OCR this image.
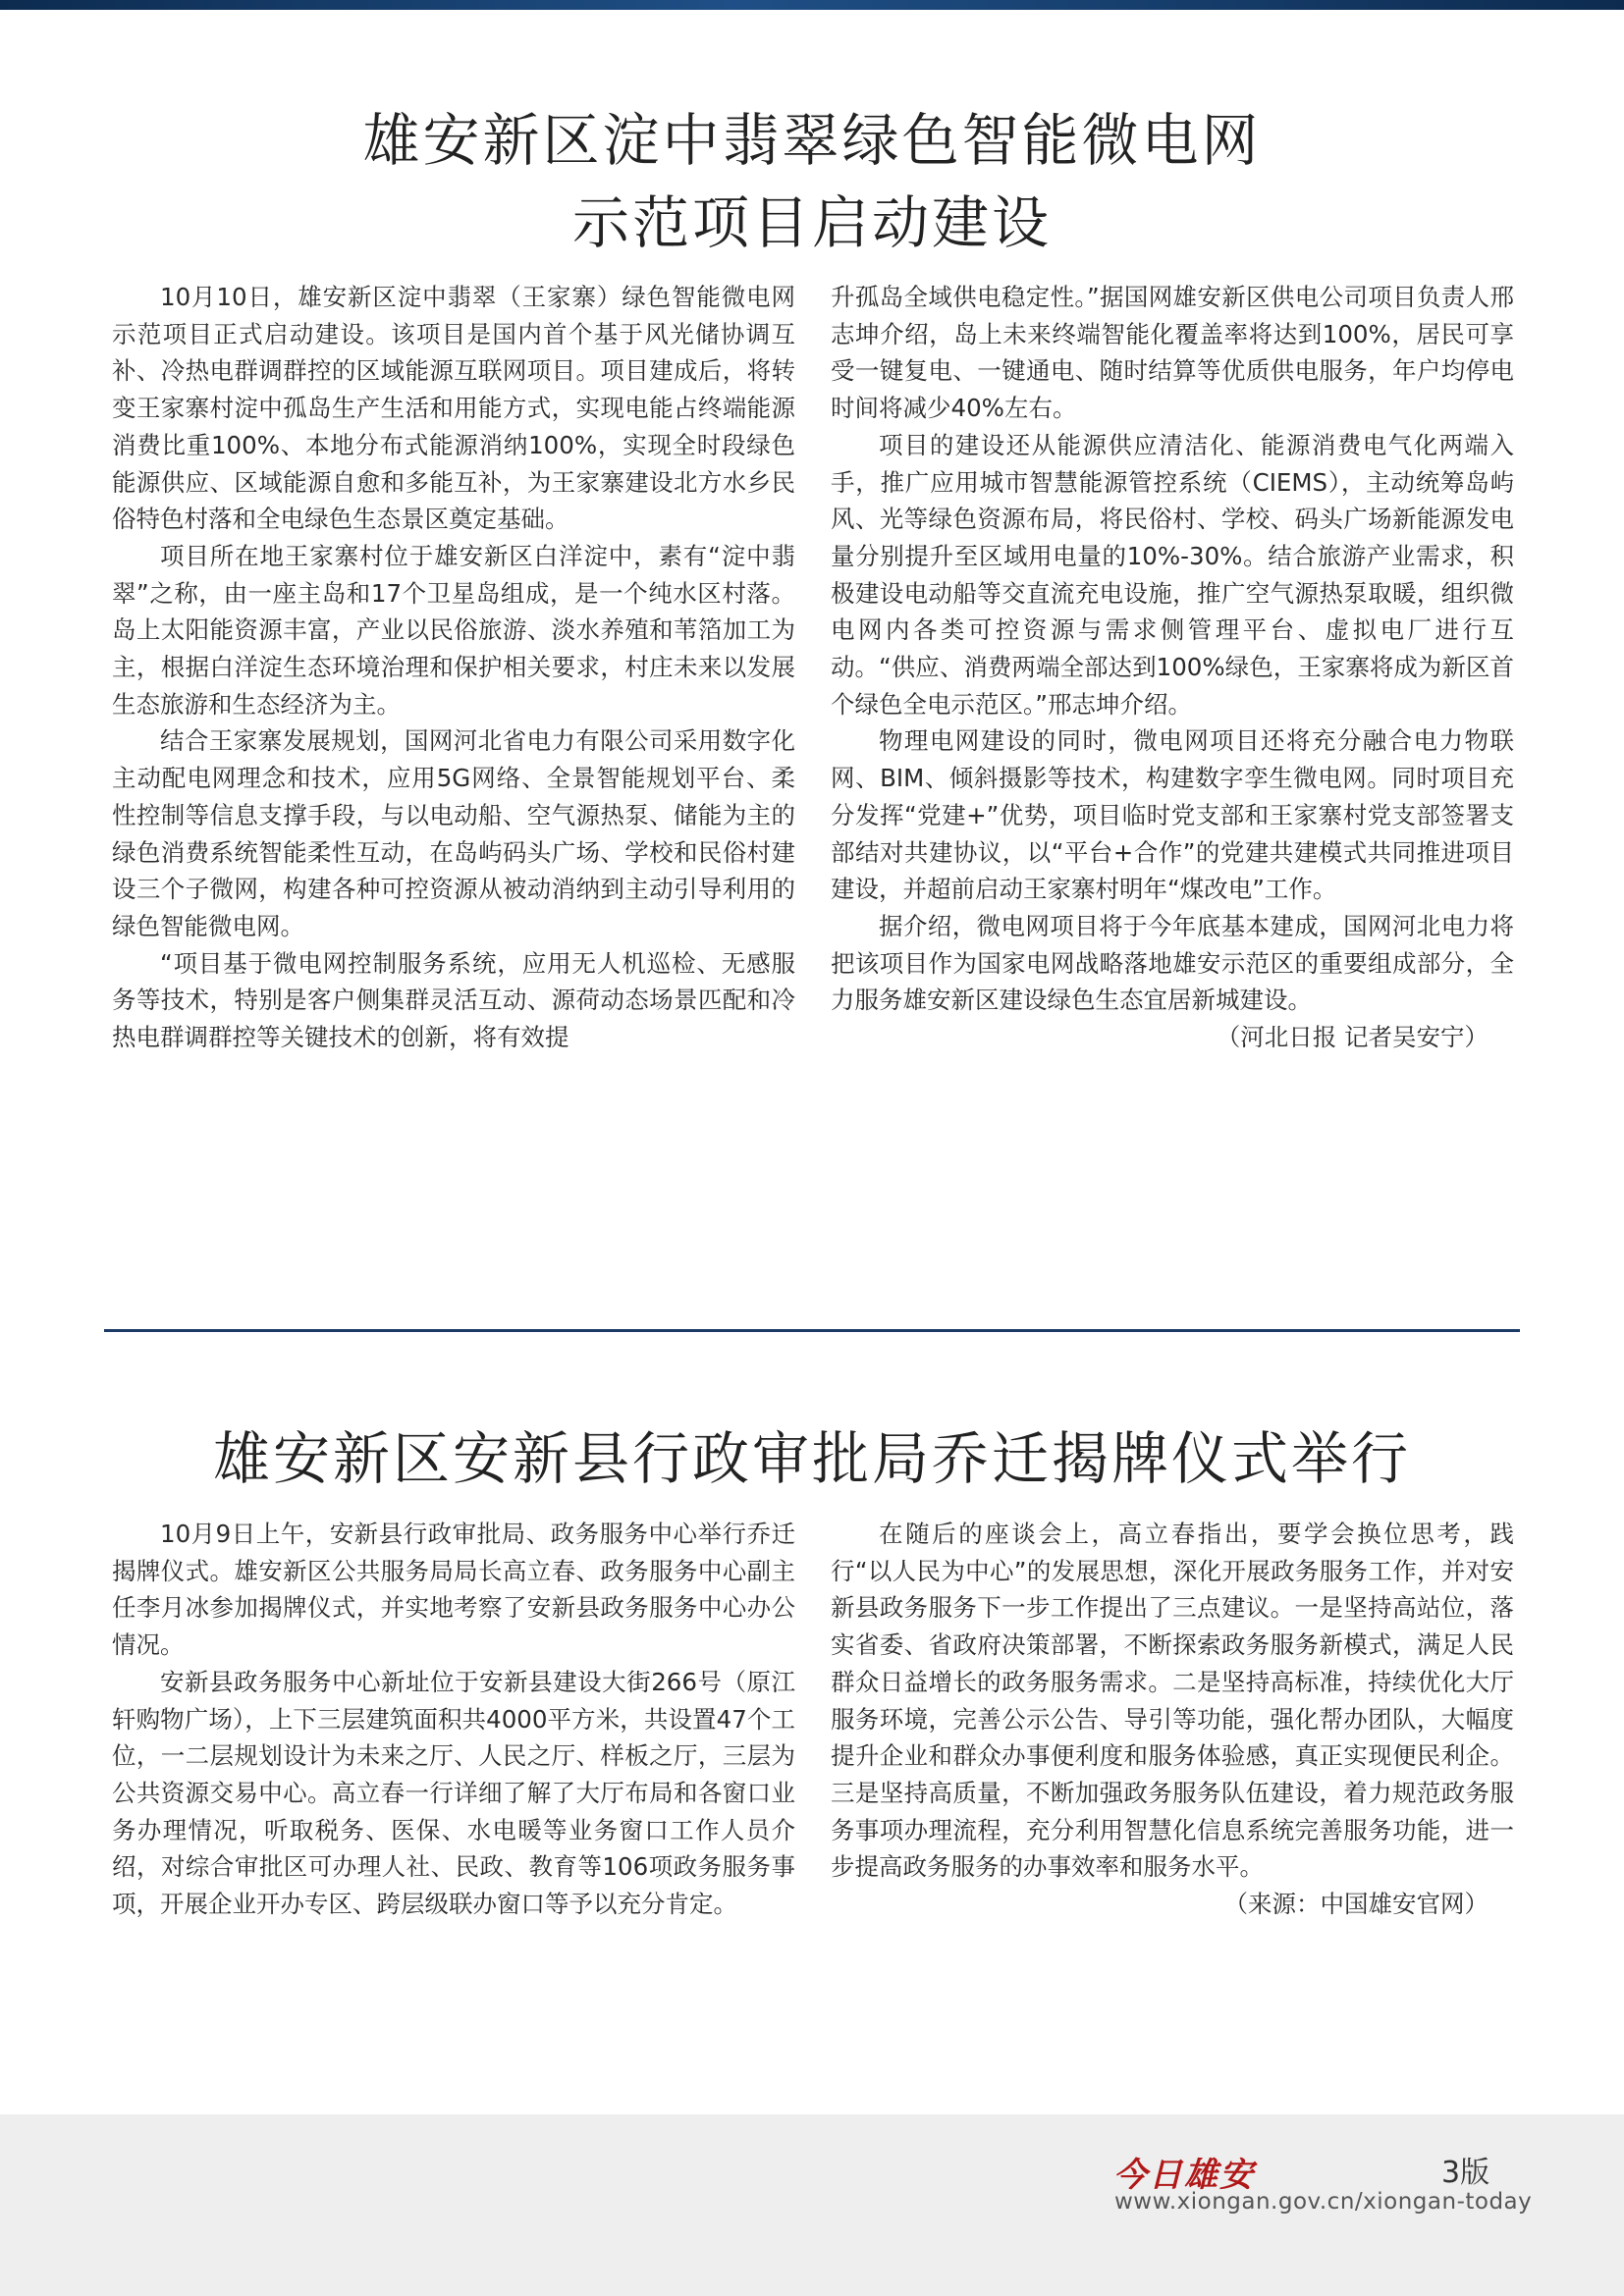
雄安新区淀中翡翠绿色智能微电网
示范项目启动建设

10月10日，雄安新区淀中翡翠（王家寨）绿色智能微电网示范项目正式启动建设。该项目是国内首个基于风光储协调互补、冷热电群调群控的区域能源互联网项目。项目建成后，将转变王家寨村淀中孤岛生产生活和用能方式，实现电能占终端能源消费比重100%、本地分布式能源消纳100%，实现全时段绿色能源供应、区域能源自愈和多能互补，为王家寨建设北方水乡民俗特色村落和全电绿色生态景区奠定基础。

项目所在地王家寨村位于雄安新区白洋淀中，素有“淀中翡翠”之称，由一座主岛和17个卫星岛组成，是一个纯水区村落。岛上太阳能资源丰富，产业以民俗旅游、淡水养殖和苇箔加工为主，根据白洋淀生态环境治理和保护相关要求，村庄未来以发展生态旅游和生态经济为主。

结合王家寨发展规划，国网河北省电力有限公司采用数字化主动配电网理念和技术，应用5G网络、全景智能规划平台、柔性控制等信息支撑手段，与以电动船、空气源热泵、储能为主的绿色消费系统智能柔性互动，在岛屿码头广场、学校和民俗村建设三个子微网，构建各种可控资源从被动消纳到主动引导利用的绿色智能微电网。

“项目基于微电网控制服务系统，应用无人机巡检、无感服务等技术，特别是客户侧集群灵活互动、源荷动态场景匹配和冷热电群调群控等关键技术的创新，将有效提

升孤岛全域供电稳定性。”据国网雄安新区供电公司项目负责人邢志坤介绍，岛上未来终端智能化覆盖率将达到100%，居民可享受一键复电、一键通电、随时结算等优质供电服务，年户均停电时间将减少40%左右。

项目的建设还从能源供应清洁化、能源消费电气化两端入手，推广应用城市智慧能源管控系统（CIEMS），主动统筹岛屿风、光等绿色资源布局，将民俗村、学校、码头广场新能源发电量分别提升至区域用电量的10%-30%。结合旅游产业需求，积极建设电动船等交直流充电设施，推广空气源热泵取暖，组织微电网内各类可控资源与需求侧管理平台、虚拟电厂进行互动。“供应、消费两端全部达到100%绿色，王家寨将成为新区首个绿色全电示范区。”邢志坤介绍。

物理电网建设的同时，微电网项目还将充分融合电力物联网、BIM、倾斜摄影等技术，构建数字孪生微电网。同时项目充分发挥“党建+”优势，项目临时党支部和王家寨村党支部签署支部结对共建协议，以“平台+合作”的党建共建模式共同推进项目建设，并超前启动王家寨村明年“煤改电”工作。

据介绍，微电网项目将于今年底基本建成，国网河北电力将把该项目作为国家电网战略落地雄安示范区的重要组成部分，全力服务雄安新区建设绿色生态宜居新城建设。

（河北日报 记者吴安宁）
雄安新区安新县行政审批局乔迁揭牌仪式举行

10月9日上午，安新县行政审批局、政务服务中心举行乔迁揭牌仪式。雄安新区公共服务局局长高立春、政务服务中心副主任李月冰参加揭牌仪式，并实地考察了安新县政务服务中心办公情况。

安新县政务服务中心新址位于安新县建设大街266号（原江轩购物广场），上下三层建筑面积共4000平方米，共设置47个工位，一二层规划设计为未来之厅、人民之厅、样板之厅，三层为公共资源交易中心。高立春一行详细了解了大厅布局和各窗口业务办理情况，听取税务、医保、水电暖等业务窗口工作人员介绍，对综合审批区可办理人社、民政、教育等106项政务服务事项，开展企业开办专区、跨层级联办窗口等予以充分肯定。

在随后的座谈会上，高立春指出，要学会换位思考，践行“以人民为中心”的发展思想，深化开展政务服务工作，并对安新县政务服务下一步工作提出了三点建议。一是坚持高站位，落实省委、省政府决策部署，不断探索政务服务新模式，满足人民群众日益增长的政务服务需求。二是坚持高标准，持续优化大厅服务环境，完善公示公告、导引等功能，强化帮办团队，大幅度提升企业和群众办事便利度和服务体验感，真正实现便民利企。三是坚持高质量，不断加强政务服务队伍建设，着力规范政务服务事项办理流程，充分利用智慧化信息系统完善服务功能，进一步提高政务服务的办事效率和服务水平。

（来源：中国雄安官网）
今日雄安	3版
www.xiongan.gov.cn/xiongan-today
